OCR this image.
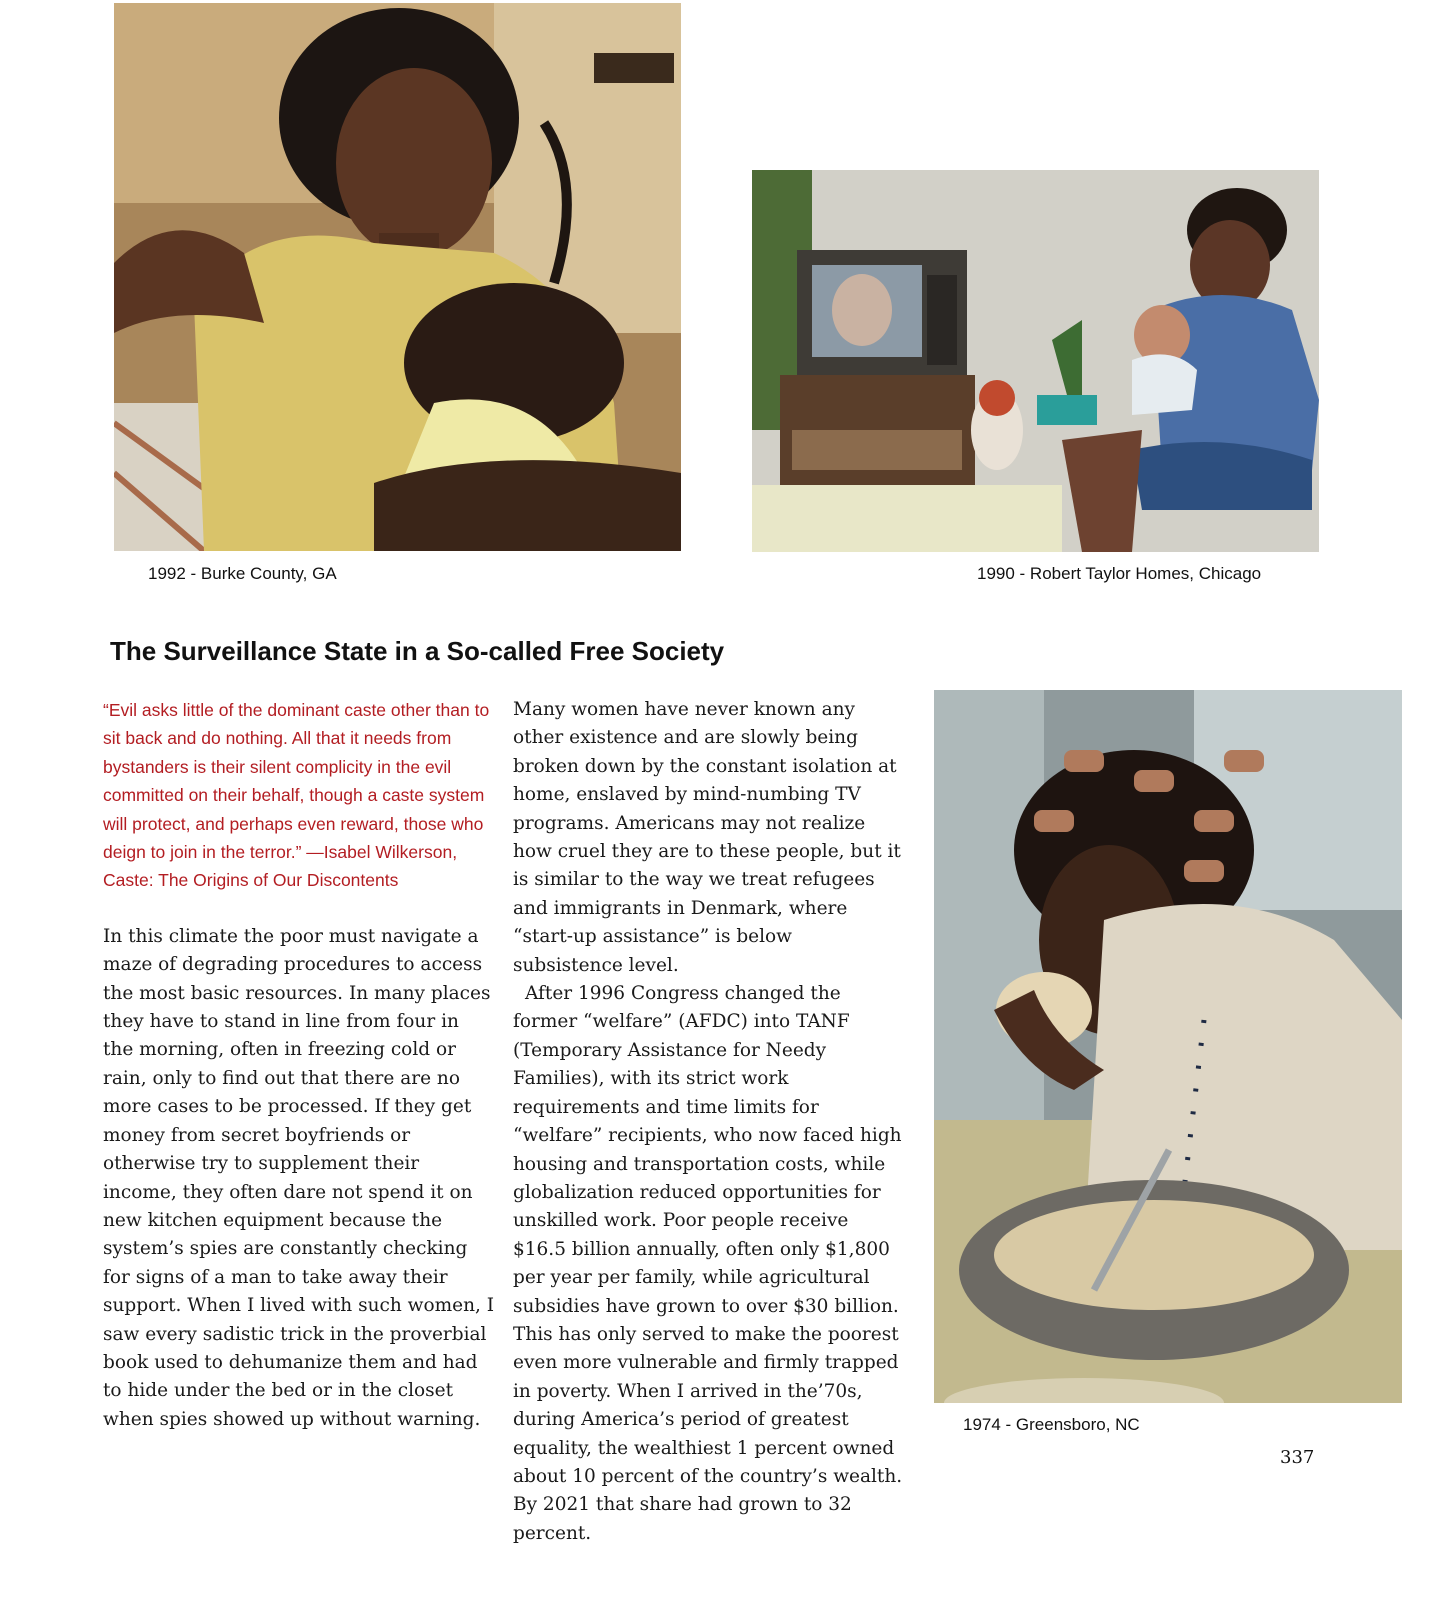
1992 - Burke County, GA	1990 - Robert Taylor Homes, Chicago
The Surveillance State in a So-called Free Society

“Evil asks little of the dominant caste other than to sit back and do nothing. All that it needs from bystanders is their silent complicity in the evil committed on their behalf, though a caste system will protect, and perhaps even reward, those who deign to join in the terror.” —Isabel Wilkerson, Caste: The Origins of Our Discontents

In this climate the poor must navigate a maze of degrading procedures to access the most basic resources. In many places they have to stand in line from four in the morning, often in freezing cold or rain, only to find out that there are no more cases to be processed. If they get money from secret boyfriends or otherwise try to supplement their income, they often dare not spend it on new kitchen equipment because the system’s spies are constantly checking for signs of a man to take away their support. When I lived with such women, I saw every sadistic trick in the proverbial book used to dehumanize them and had to hide under the bed or in the closet when spies showed up without warning.

Many women have never known any other existence and are slowly being broken down by the constant isolation at home, enslaved by mind-numbing TV programs. Americans may not realize how cruel they are to these people, but it is similar to the way we treat refugees and immigrants in Denmark, where “start-up assistance” is below subsistence level.

After 1996 Congress changed the former “welfare” (AFDC) into TANF (Temporary Assistance for Needy Families), with its strict work requirements and time limits for “welfare” recipients, who now faced high housing and transportation costs, while globalization reduced opportunities for unskilled work. Poor people receive $16.5 billion annually, often only $1,800 per year per family, while agricultural subsidies have grown to over $30 billion. This has only served to make the poorest even more vulnerable and firmly trapped in poverty. When I arrived in the’70s, during America’s period of greatest equality, the wealthiest 1 percent owned about 10 percent of the country’s wealth. By 2021 that share had grown to 32 percent.

1974 - Greensboro, NC
337
